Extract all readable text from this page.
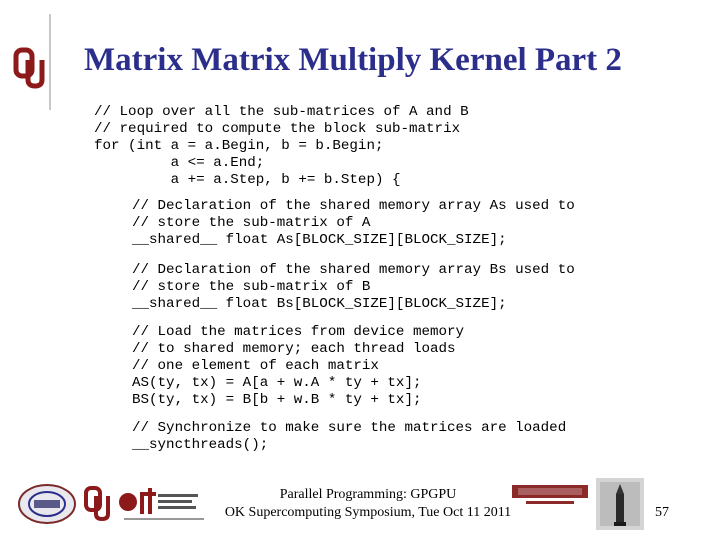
Matrix Matrix Multiply Kernel Part 2
// Loop over all the sub-matrices of A and B
// required to compute the block sub-matrix
for (int a = a.Begin, b = b.Begin;
a <= a.End;
a += a.Step, b += b.Step) {
// Declaration of the shared memory array As used to
// store the sub-matrix of A
__shared__ float As[BLOCK_SIZE][BLOCK_SIZE];
// Declaration of the shared memory array Bs used to
// store the sub-matrix of B
__shared__ float Bs[BLOCK_SIZE][BLOCK_SIZE];
// Load the matrices from device memory
// to shared memory; each thread loads
// one element of each matrix
AS(ty, tx) = A[a + w.A * ty + tx];
BS(ty, tx) = B[b + w.B * ty + tx];
// Synchronize to make sure the matrices are loaded
__syncthreads();
Parallel Programming: GPGPU
OK Supercomputing Symposium, Tue Oct 11 2011	57
